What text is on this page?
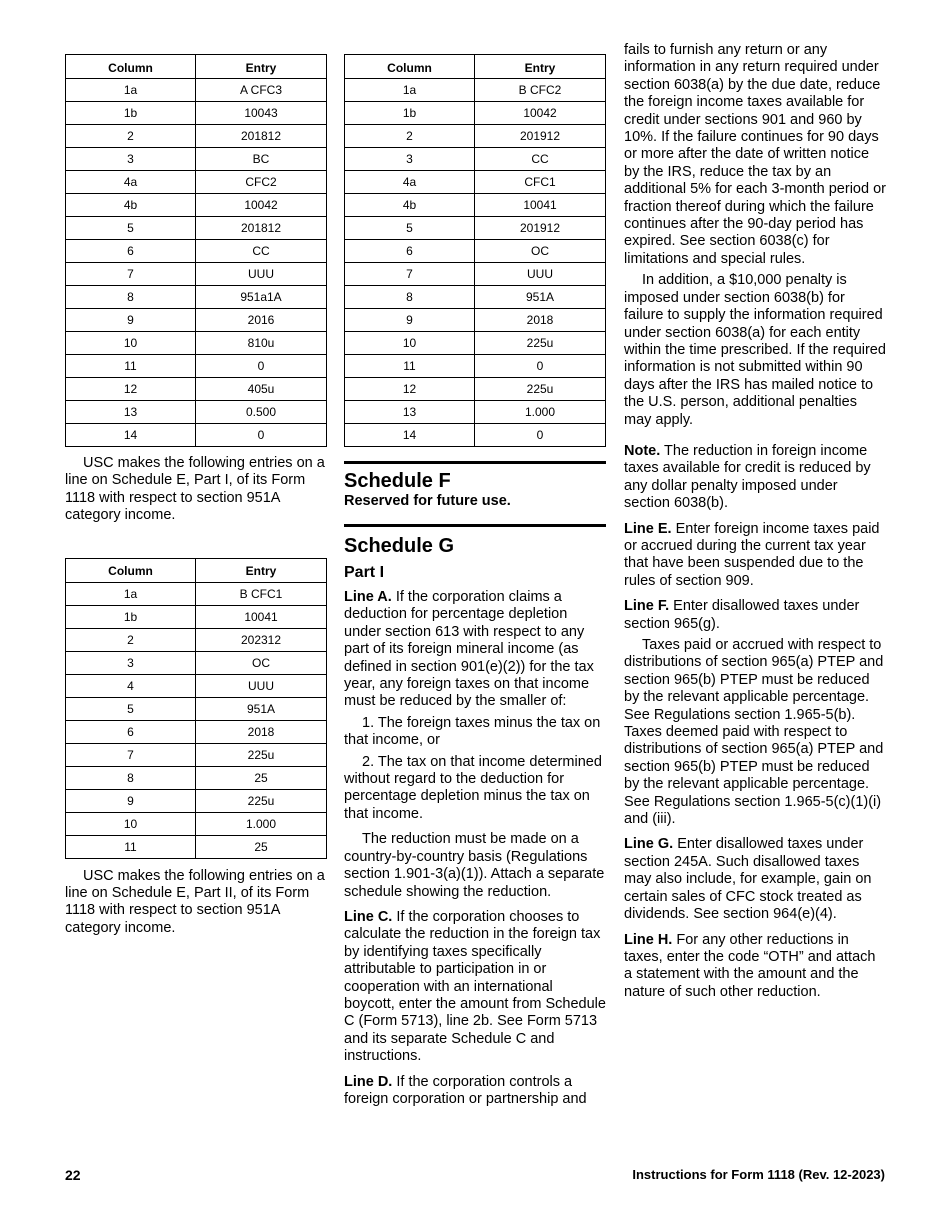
Column	Entry
1a	A CFC3
1b	10043
2	201812
3	BC
4a	CFC2
4b	10042
5	201812
6	CC
7	UUU
8	951a1A
9	2016
10	810u
11	0
12	405u
13	0.500
14	0

USC makes the following entries on a line on Schedule E, Part I, of its Form 1118 with respect to section 951A category income.

Column	Entry
1a	B CFC1
1b	10041
2	202312
3	OC
4	UUU
5	951A
6	2018
7	225u
8	25
9	225u
10	1.000
11	25

USC makes the following entries on a line on Schedule E, Part II, of its Form 1118 with respect to section 951A category income.

Column	Entry
1a	B CFC2
1b	10042
2	201912
3	CC
4a	CFC1
4b	10041
5	201912
6	OC
7	UUU
8	951A
9	2018
10	225u
11	0
12	225u
13	1.000
14	0
Schedule F
Reserved for future use.
Schedule G
Part I

Line A. If the corporation claims a deduction for percentage depletion under section 613 with respect to any part of its foreign mineral income (as defined in section 901(e)(2)) for the tax year, any foreign taxes on that income must be reduced by the smaller of:

1. The foreign taxes minus the tax on that income, or

2. The tax on that income determined without regard to the deduction for percentage depletion minus the tax on that income.

The reduction must be made on a country-by-country basis (Regulations section 1.901-3(a)(1)). Attach a separate schedule showing the reduction.

Line C. If the corporation chooses to calculate the reduction in the foreign tax by identifying taxes specifically attributable to participation in or cooperation with an international boycott, enter the amount from Schedule C (Form 5713), line 2b. See Form 5713 and its separate Schedule C and instructions.

Line D. If the corporation controls a foreign corporation or partnership and

fails to furnish any return or any information in any return required under section 6038(a) by the due date, reduce the foreign income taxes available for credit under sections 901 and 960 by 10%. If the failure continues for 90 days or more after the date of written notice by the IRS, reduce the tax by an additional 5% for each 3-month period or fraction thereof during which the failure continues after the 90-day period has expired. See section 6038(c) for limitations and special rules.

In addition, a $10,000 penalty is imposed under section 6038(b) for failure to supply the information required under section 6038(a) for each entity within the time prescribed. If the required information is not submitted within 90 days after the IRS has mailed notice to the U.S. person, additional penalties may apply.

Note. The reduction in foreign income taxes available for credit is reduced by any dollar penalty imposed under section 6038(b).

Line E. Enter foreign income taxes paid or accrued during the current tax year that have been suspended due to the rules of section 909.

Line F. Enter disallowed taxes under section 965(g).

Taxes paid or accrued with respect to distributions of section 965(a) PTEP and section 965(b) PTEP must be reduced by the relevant applicable percentage. See Regulations section 1.965-5(b). Taxes deemed paid with respect to distributions of section 965(a) PTEP and section 965(b) PTEP must be reduced by the relevant applicable percentage. See Regulations section 1.965-5(c)(1)(i) and (iii).

Line G. Enter disallowed taxes under section 245A. Such disallowed taxes may also include, for example, gain on certain sales of CFC stock treated as dividends. See section 964(e)(4).

Line H. For any other reductions in taxes, enter the code “OTH” and attach a statement with the amount and the nature of such other reduction.

22	Instructions for Form 1118 (Rev. 12-2023)
